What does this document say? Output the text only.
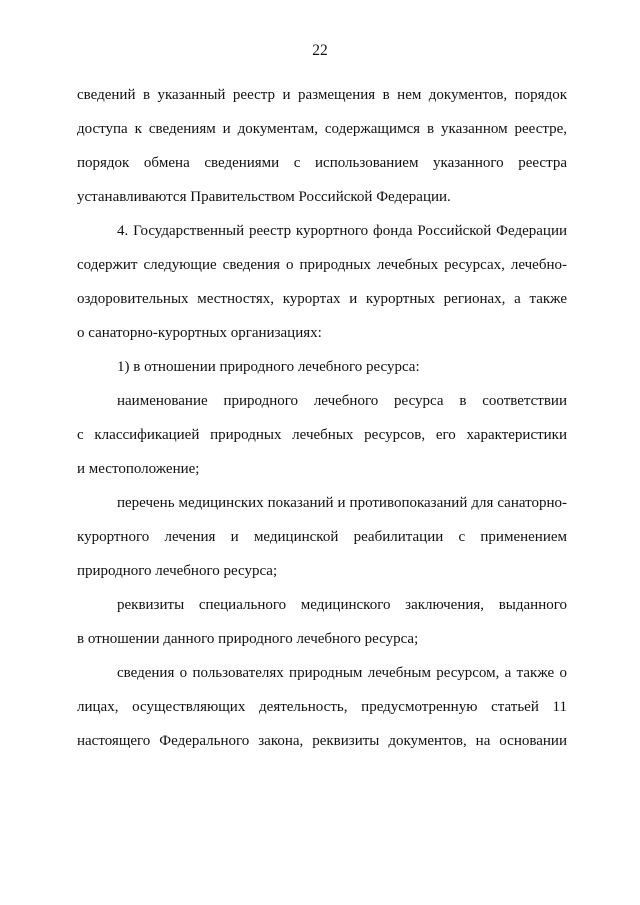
22
сведений в указанный реестр и размещения в нем документов, порядок
доступа к сведениям и документам, содержащимся в указанном реестре,
порядок обмена сведениями с использованием указанного реестра
устанавливаются Правительством Российской Федерации.
4. Государственный реестр курортного фонда Российской Федерации
содержит следующие сведения о природных лечебных ресурсах, лечебно-
оздоровительных местностях, курортах и курортных регионах, а также
о санаторно-курортных организациях:
1) в отношении природного лечебного ресурса:
наименование природного лечебного ресурса в соответствии
с классификацией природных лечебных ресурсов, его характеристики
и местоположение;
перечень медицинских показаний и противопоказаний для санаторно-
курортного лечения и медицинской реабилитации с применением
природного лечебного ресурса;
реквизиты специального медицинского заключения, выданного
в отношении данного природного лечебного ресурса;
сведения о пользователях природным лечебным ресурсом, а также о
лицах, осуществляющих деятельность, предусмотренную статьей 11
настоящего Федерального закона, реквизиты документов, на основании
